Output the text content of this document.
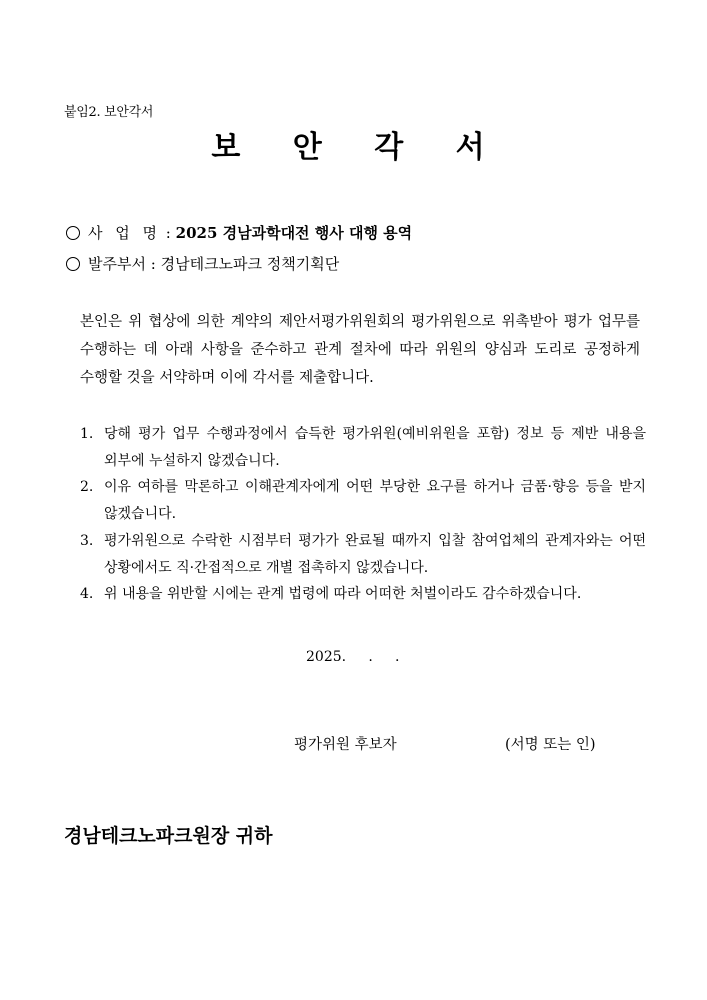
붙임2. 보안각서
보 안 각 서
사 업 명 : 2025 경남과학대전 행사 대행 용역
발주부서 : 경남테크노파크 정책기획단
본인은 위 협상에 의한 계약의 제안서평가위원회의 평가위원으로 위촉받아 평가 업무를 수행하는 데 아래 사항을 준수하고 관계 절차에 따라 위원의 양심과 도리로 공정하게 수행할 것을 서약하며 이에 각서를 제출합니다.
1. 당해 평가 업무 수행과정에서 습득한 평가위원(예비위원을 포함) 정보 등 제반 내용을 외부에 누설하지 않겠습니다.
2. 이유 여하를 막론하고 이해관계자에게 어떤 부당한 요구를 하거나 금품·향응 등을 받지 않겠습니다.
3. 평가위원으로 수락한 시점부터 평가가 완료될 때까지 입찰 참여업체의 관계자와는 어떤 상황에서도 직·간접적으로 개별 접촉하지 않겠습니다.
4. 위 내용을 위반할 시에는 관계 법령에 따라 어떠한 처벌이라도 감수하겠습니다.
2025.     .     .
평가위원 후보자	(서명 또는 인)
경남테크노파크원장 귀하
